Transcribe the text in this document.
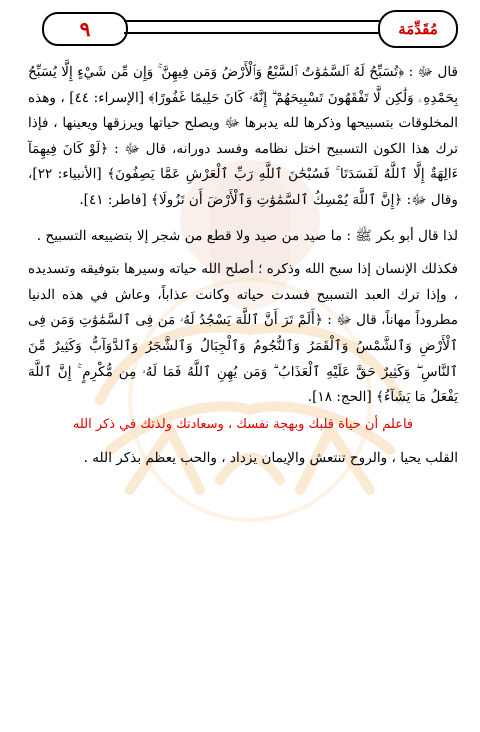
٩	مُقَدِّمَة

قال ﷻ : ﴿تُسَبِّحُ لَهُ ٱلسَّمَٰوَٰتُ ٱلسَّبْعُ وَٱلْأَرْضُ وَمَن فِيهِنَّ ۚ وَإِن مِّن شَيْءٍ إِلَّا يُسَبِّحُ بِحَمْدِهِۦ وَلَٰكِن لَّا تَفْقَهُونَ تَسْبِيحَهُمْ ۗ إِنَّهُۥ كَانَ حَلِيمًا غَفُورًا﴾ [الإسراء: ٤٤] ، وهذه المخلوقات بتسبيحها وذكرها لله يدبرها ﷻ ويصلح حياتها ويرزقها ويعينها ، فإذا ترك هذا الكون التسبيح اختل نظامه وفسد دورانه، قال ﷻ : ﴿لَوْ كَانَ فِيهِمَآ ءَالِهَةٌ إِلَّا ٱللَّهُ لَفَسَدَتَا ۚ فَسُبْحَٰنَ ٱللَّهِ رَبِّ ٱلْعَرْشِ عَمَّا يَصِفُونَ﴾ [الأنبياء: ٢٢]، وقال ﷻ: ﴿إِنَّ ٱللَّهَ يُمْسِكُ ٱلسَّمَٰوَٰتِ وَٱلْأَرْضَ أَن تَزُولَا﴾ [فاطر: ٤١].

لذا قال أبو بكر ﷺ : ما صيد من صيد ولا قطع من شجر إلا بتضييعه التسبيح .

فكذلك الإنسان إذا سبح الله وذكره ؛ أصلح الله حياته وسيرها بتوفيقه وتسديده ، وإذا ترك العبد التسبيح فسدت حياته وكانت عذاباً، وعاش في هذه الدنيا مطروداً مهاناً، قال ﷻ : ﴿أَلَمْ تَرَ أَنَّ ٱللَّهَ يَسْجُدُ لَهُۥ مَن فِى ٱلسَّمَٰوَٰتِ وَمَن فِى ٱلْأَرْضِ وَٱلشَّمْسُ وَٱلْقَمَرُ وَٱلنُّجُومُ وَٱلْجِبَالُ وَٱلشَّجَرُ وَٱلدَّوَآبُّ وَكَثِيرٌ مِّنَ ٱلنَّاسِ ۖ وَكَثِيرٌ حَقَّ عَلَيْهِ ٱلْعَذَابُ ۗ وَمَن يُهِنِ ٱللَّهُ فَمَا لَهُۥ مِن مُّكْرِمٍ ۚ إِنَّ ٱللَّهَ يَفْعَلُ مَا يَشَآءُ﴾ [الحج: ١٨].

فاعلم أن حياة قلبك وبهجة نفسك ، وسعادتك ولذتك في ذكر الله

القلب يحيا ، والروح تنتعش والإيمان يزداد ، والحب يعظم بذكر الله .
